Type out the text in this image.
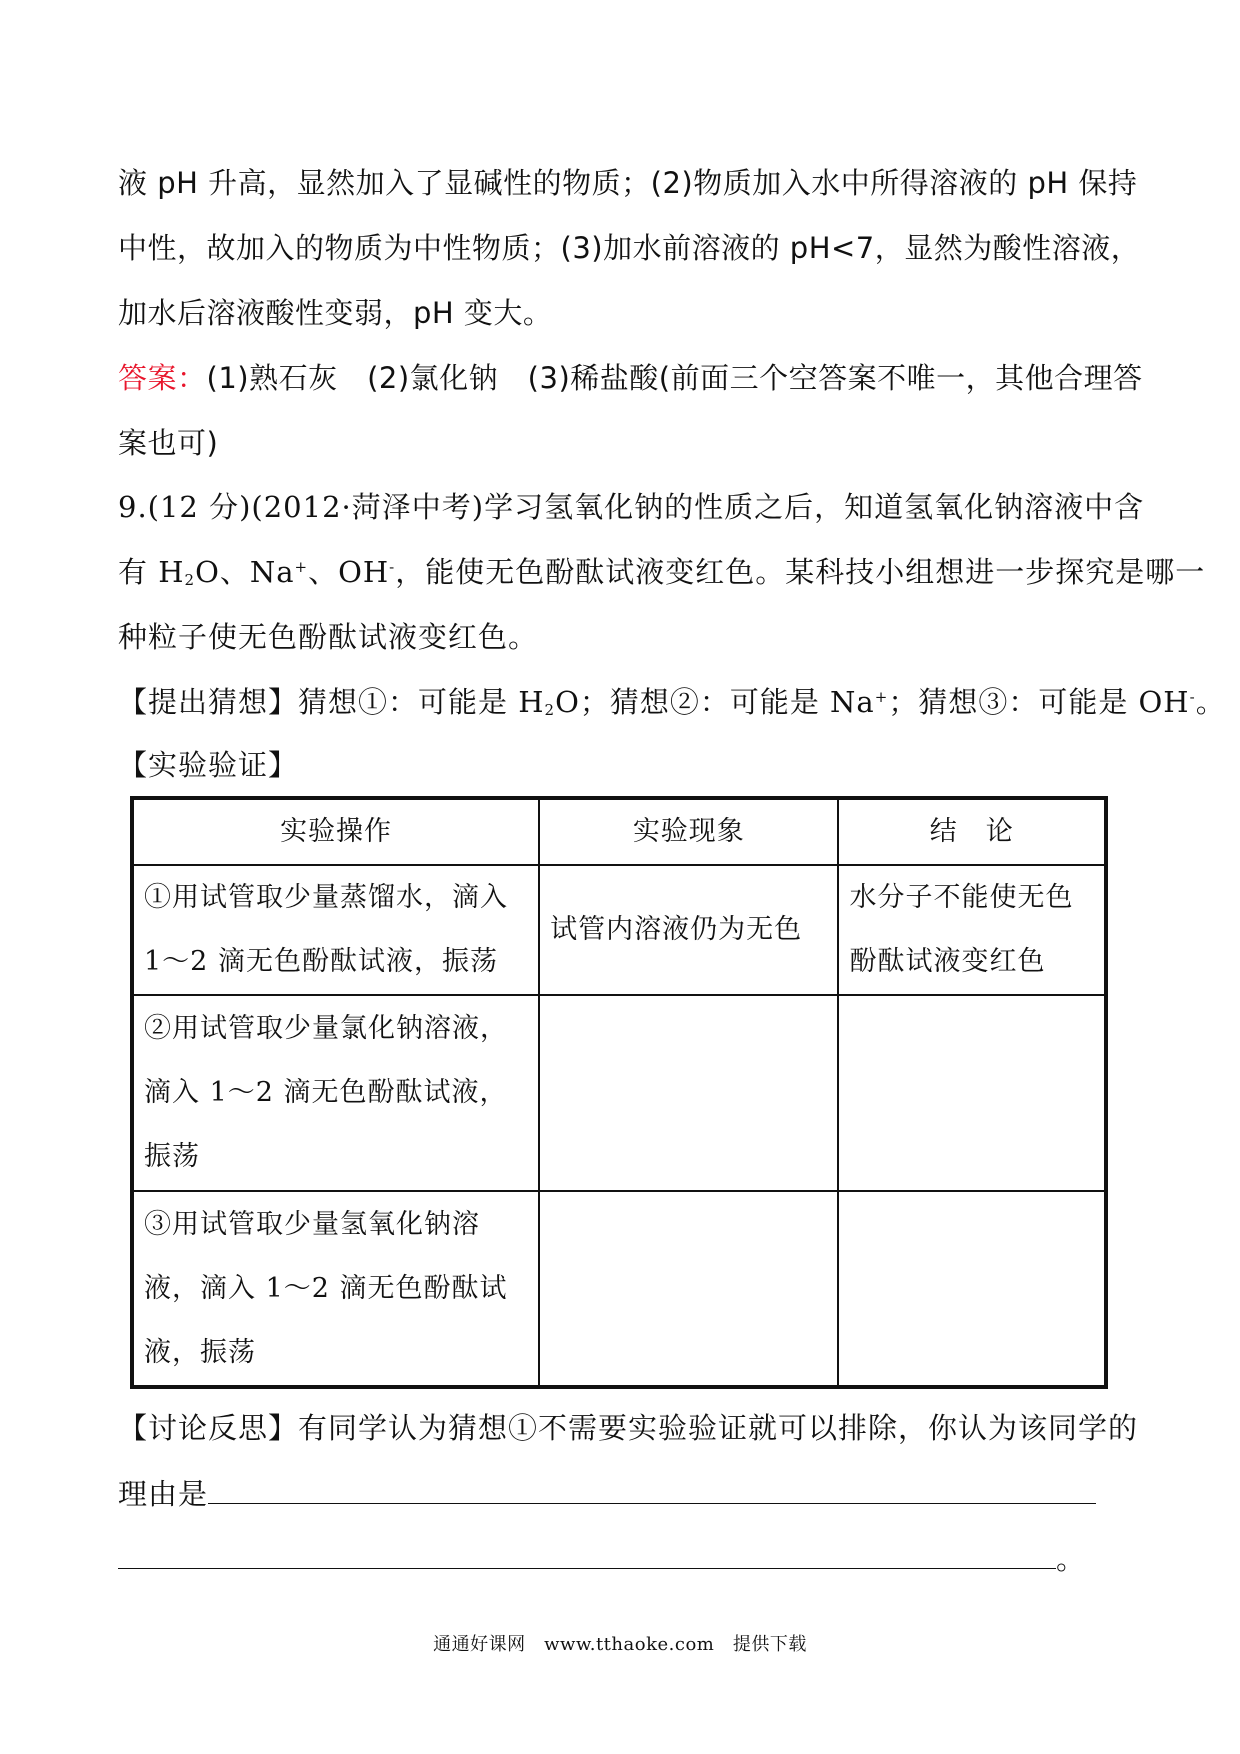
液 pH 升高，显然加入了显碱性的物质；(2)物质加入水中所得溶液的 pH 保持
中性，故加入的物质为中性物质；(3)加水前溶液的 pH<7，显然为酸性溶液，
加水后溶液酸性变弱，pH 变大。
答案：(1)熟石灰　(2)氯化钠　(3)稀盐酸(前面三个空答案不唯一，其他合理答
案也可)
9.(12 分)(2012·菏泽中考)学习氢氧化钠的性质之后，知道氢氧化钠溶液中含
有 $H_2O$、Na+、OH-，能使无色酚酞试液变红色。某科技小组想进一步探究是哪一
种粒子使无色酚酞试液变红色。
【提出猜想】猜想①：可能是 $H_2O$；猜想②：可能是 Na+；猜想③：可能是 OH-。
【实验验证】
实验操作	实验现象	结　论

①用试管取少量蒸馏水，滴入 1～2 滴无色酚酞试液，振荡	试管内溶液仍为无色	水分子不能使无色酚酞试液变红色

②用试管取少量氯化钠溶液，滴入 1～2 滴无色酚酞试液，振荡		

③用试管取少量氢氧化钠溶液，滴入 1～2 滴无色酚酞试液，振荡		

【讨论反思】有同学认为猜想①不需要实验验证就可以排除，你认为该同学的
理由是
。
通通好课网　www.tthaoke.com　提供下载
